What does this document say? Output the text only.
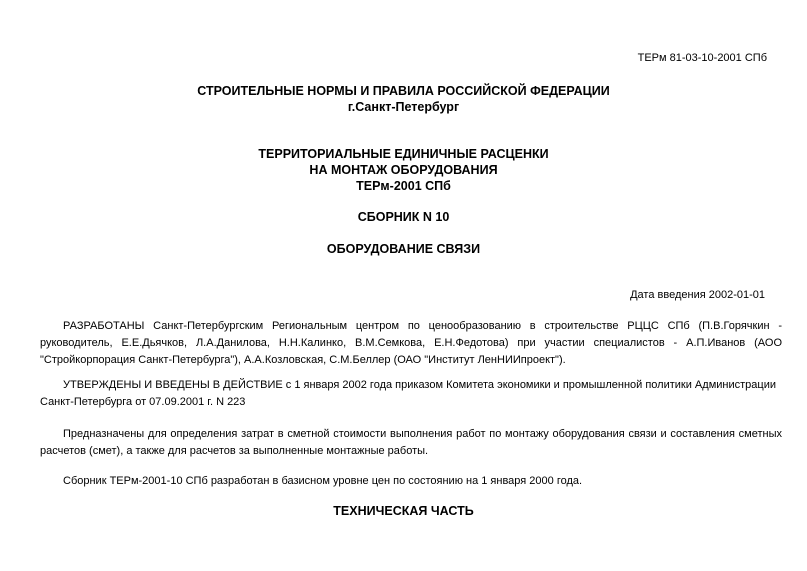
ТЕРм 81-03-10-2001 СПб
СТРОИТЕЛЬНЫЕ НОРМЫ И ПРАВИЛА РОССИЙСКОЙ ФЕДЕРАЦИИ
г.Санкт-Петербург
ТЕРРИТОРИАЛЬНЫЕ ЕДИНИЧНЫЕ РАСЦЕНКИ
НА МОНТАЖ ОБОРУДОВАНИЯ
ТЕРм-2001 СПб
СБОРНИК N 10
ОБОРУДОВАНИЕ СВЯЗИ
Дата введения 2002-01-01
РАЗРАБОТАНЫ Санкт-Петербургским Региональным центром по ценообразованию в строительстве РЦЦС СПб (П.В.Горячкин -
руководитель, Е.Е.Дьячков, Л.А.Данилова, Н.Н.Калинко, В.М.Семкова, Е.Н.Федотова) при участии специалистов - А.П.Иванов (АОО
"Стройкорпорация Санкт-Петербурга"), А.А.Козловская, С.М.Беллер (ОАО "Институт ЛенНИИпроект").
УТВЕРЖДЕНЫ И ВВЕДЕНЫ В ДЕЙСТВИЕ с 1 января 2002 года приказом Комитета экономики и промышленной политики Администрации
Санкт-Петербурга от 07.09.2001 г. N 223
Предназначены для определения затрат в сметной стоимости выполнения работ по монтажу оборудования связи и составления сметных
расчетов (смет), а также для расчетов за выполненные монтажные работы.
Сборник ТЕРм-2001-10 СПб разработан в базисном уровне цен по состоянию на 1 января 2000 года.
ТЕХНИЧЕСКАЯ ЧАСТЬ
